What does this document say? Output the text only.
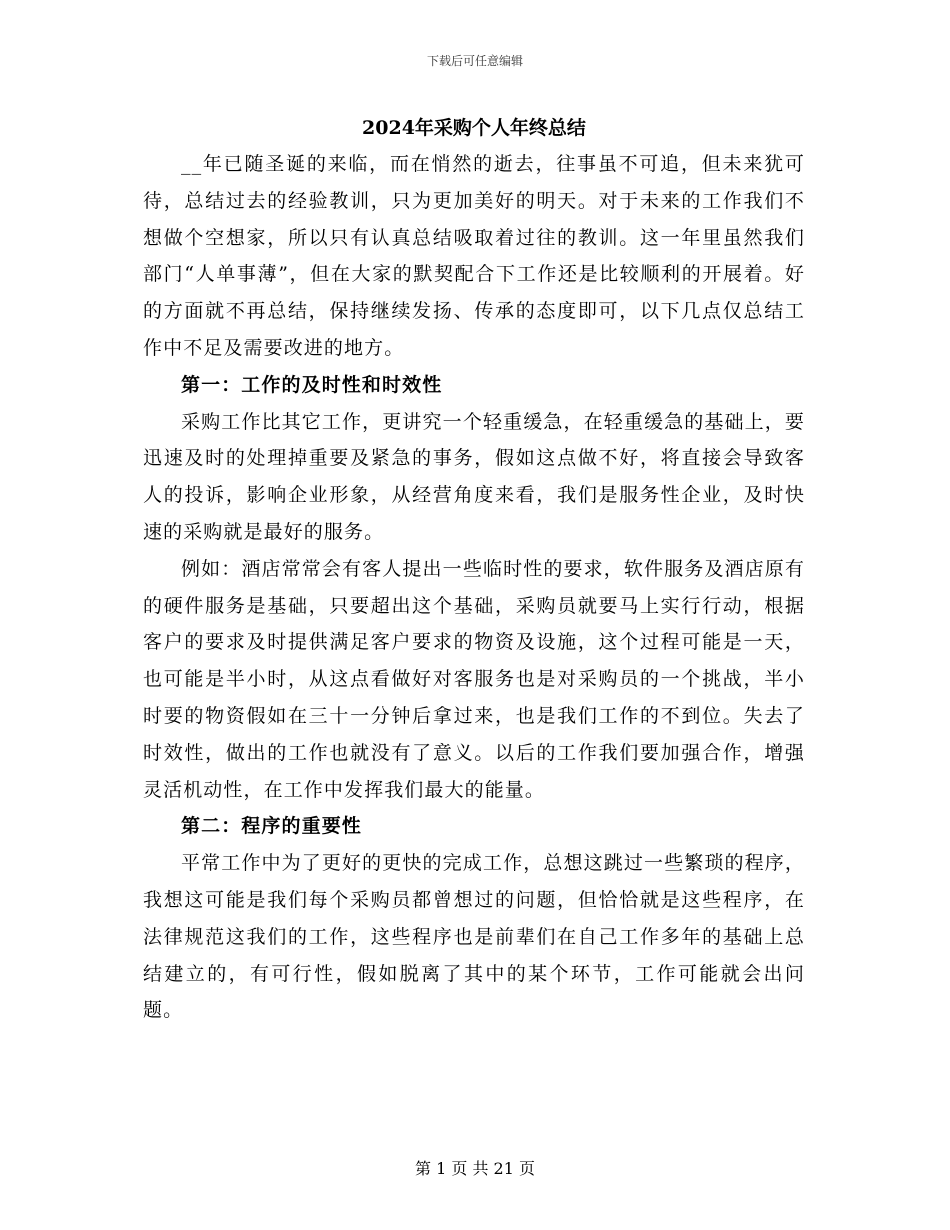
下载后可任意编辑
2024年采购个人年终总结

__年已随圣诞的来临，而在悄然的逝去，往事虽不可追，但未来犹可待，总结过去的经验教训，只为更加美好的明天。对于未来的工作我们不想做个空想家，所以只有认真总结吸取着过往的教训。这一年里虽然我们部门“人单事薄”，但在大家的默契配合下工作还是比较顺利的开展着。好的方面就不再总结，保持继续发扬、传承的态度即可，以下几点仅总结工作中不足及需要改进的地方。

第一：工作的及时性和时效性

采购工作比其它工作，更讲究一个轻重缓急，在轻重缓急的基础上，要迅速及时的处理掉重要及紧急的事务，假如这点做不好，将直接会导致客人的投诉，影响企业形象，从经营角度来看，我们是服务性企业，及时快速的采购就是最好的服务。

例如：酒店常常会有客人提出一些临时性的要求，软件服务及酒店原有的硬件服务是基础，只要超出这个基础，采购员就要马上实行行动，根据客户的要求及时提供满足客户要求的物资及设施，这个过程可能是一天，也可能是半小时，从这点看做好对客服务也是对采购员的一个挑战，半小时要的物资假如在三十一分钟后拿过来，也是我们工作的不到位。失去了时效性，做出的工作也就没有了意义。以后的工作我们要加强合作，增强灵活机动性，在工作中发挥我们最大的能量。

第二：程序的重要性

平常工作中为了更好的更快的完成工作，总想这跳过一些繁琐的程序，我想这可能是我们每个采购员都曾想过的问题，但恰恰就是这些程序，在法律规范这我们的工作，这些程序也是前辈们在自己工作多年的基础上总结建立的，有可行性，假如脱离了其中的某个环节，工作可能就会出问题。

第 1 页 共 21 页
